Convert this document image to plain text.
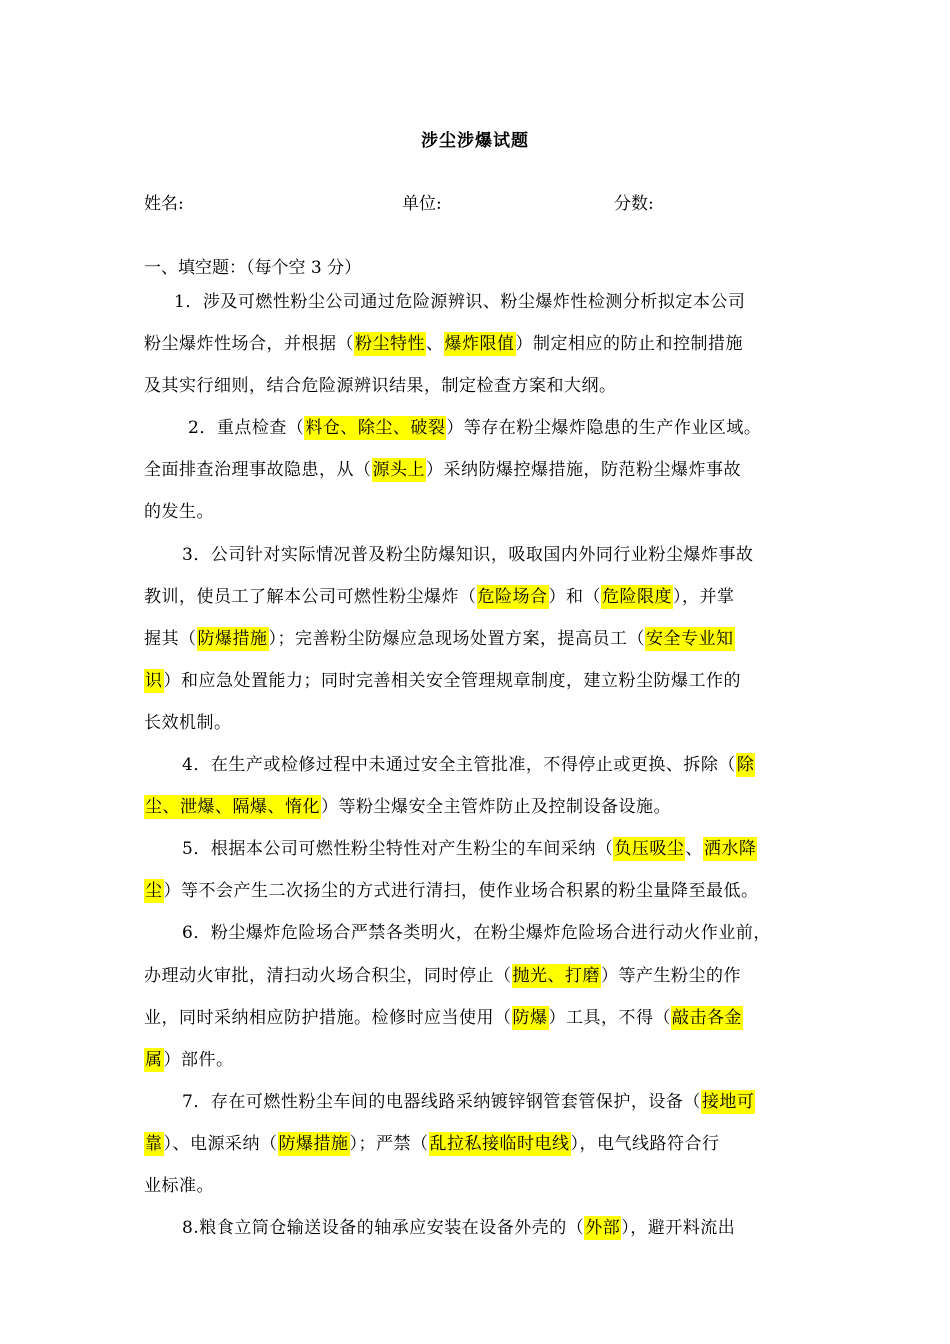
涉尘涉爆试题
姓名:	单位:	分数:
一、填空题：（每个空 3 分）
1．涉及可燃性粉尘公司通过危险源辨识、粉尘爆炸性检测分析拟定本公司
粉尘爆炸性场合，并根据（粉尘特性、爆炸限值）制定相应的防止和控制措施
及其实行细则，结合危险源辨识结果，制定检查方案和大纲。
2．重点检查（料仓、除尘、破裂）等存在粉尘爆炸隐患的生产作业区域。
全面排查治理事故隐患，从（源头上）采纳防爆控爆措施，防范粉尘爆炸事故
的发生。
3．公司针对实际情况普及粉尘防爆知识，吸取国内外同行业粉尘爆炸事故
教训，使员工了解本公司可燃性粉尘爆炸（危险场合）和（危险限度），并掌
握其（防爆措施）；完善粉尘防爆应急现场处置方案，提高员工（安全专业知
识）和应急处置能力；同时完善相关安全管理规章制度，建立粉尘防爆工作的
长效机制。
4．在生产或检修过程中未通过安全主管批准，不得停止或更换、拆除（除
尘、泄爆、隔爆、惰化）等粉尘爆安全主管炸防止及控制设备设施。
5．根据本公司可燃性粉尘特性对产生粉尘的车间采纳（负压吸尘、洒水降
尘）等不会产生二次扬尘的方式进行清扫，使作业场合积累的粉尘量降至最低。
6．粉尘爆炸危险场合严禁各类明火，在粉尘爆炸危险场合进行动火作业前，
办理动火审批，清扫动火场合积尘，同时停止（抛光、打磨）等产生粉尘的作
业，同时采纳相应防护措施。检修时应当使用（防爆）工具，不得（敲击各金
属）部件。
7．存在可燃性粉尘车间的电器线路采纳镀锌钢管套管保护，设备（接地可
靠）、电源采纳（防爆措施）；严禁（乱拉私接临时电线），电气线路符合行
业标准。
8.粮食立筒仓输送设备的轴承应安装在设备外壳的（外部），避开料流出
